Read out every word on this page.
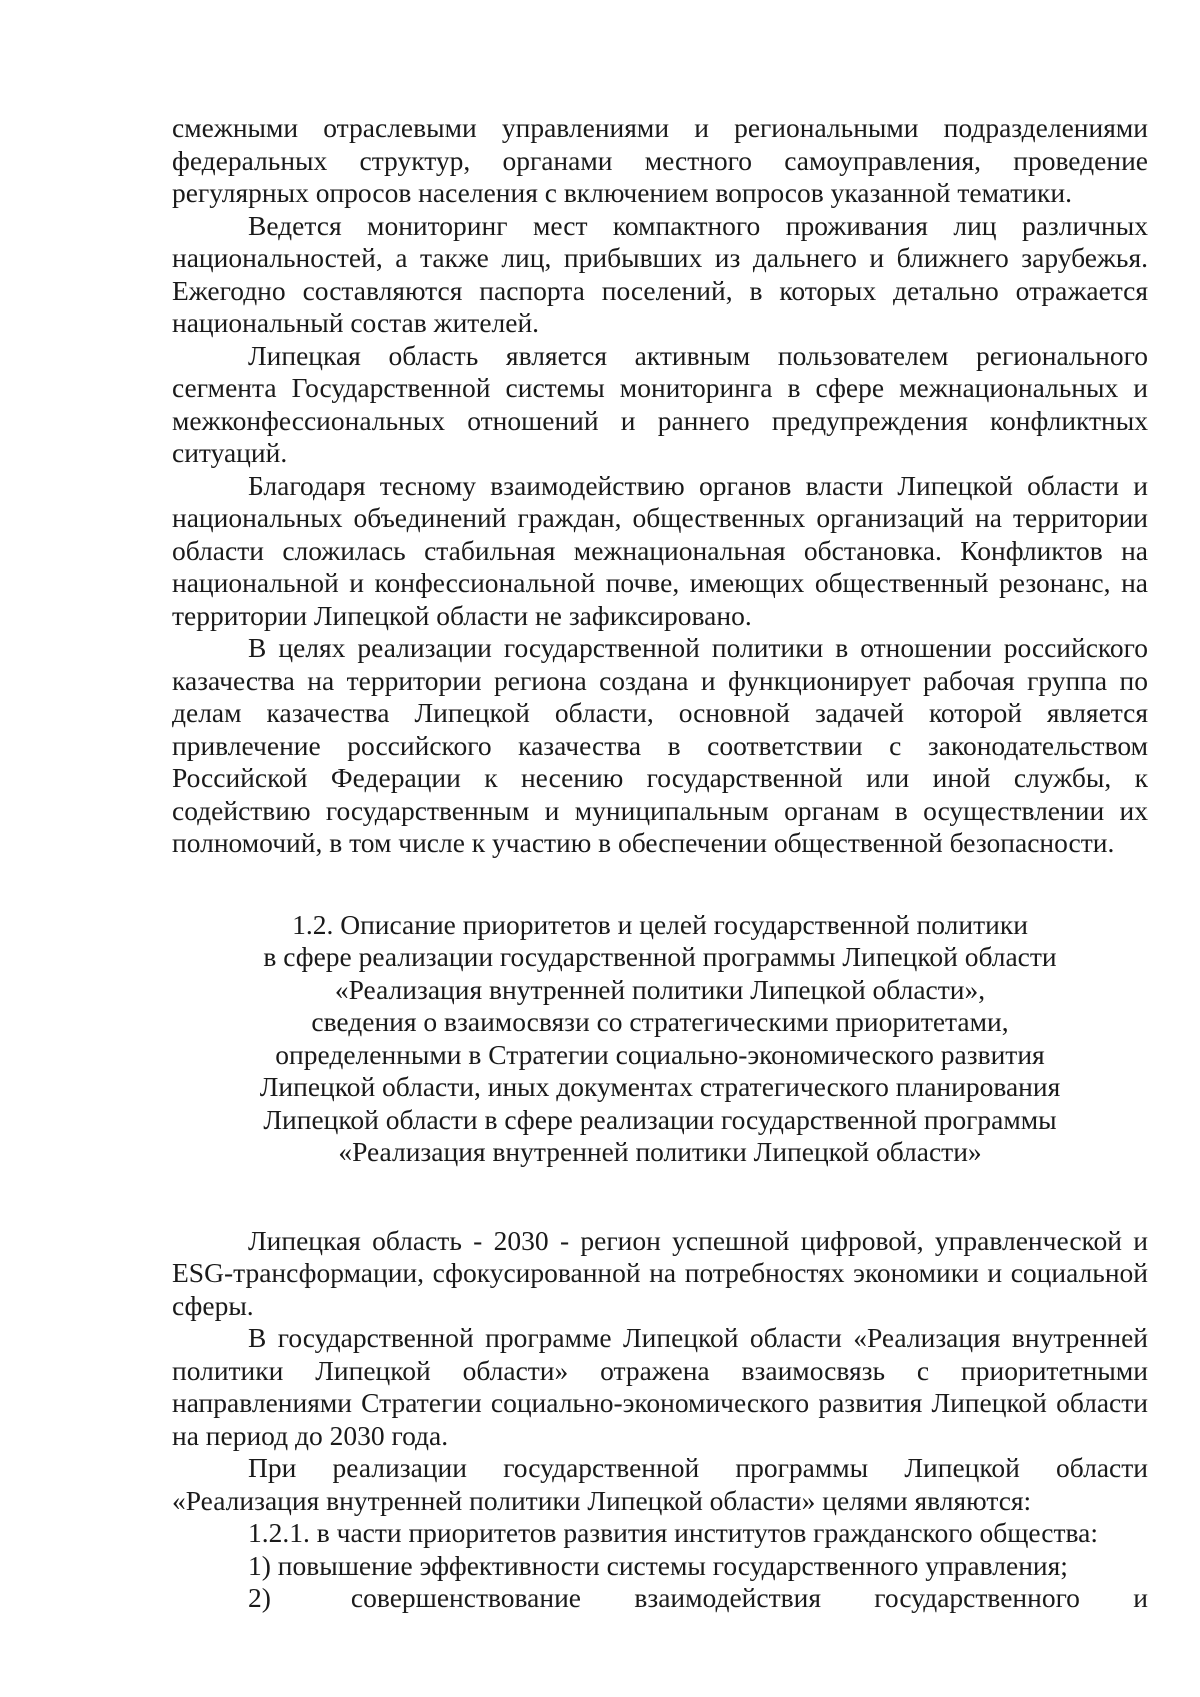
смежными отраслевыми управлениями и региональными подразделениями федеральных структур, органами местного самоуправления, проведение регулярных опросов населения с включением вопросов указанной тематики.

Ведется мониторинг мест компактного проживания лиц различных национальностей, а также лиц, прибывших из дальнего и ближнего зарубежья. Ежегодно составляются паспорта поселений, в которых детально отражается национальный состав жителей.

Липецкая область является активным пользователем регионального сегмента Государственной системы мониторинга в сфере межнациональных и межконфессиональных отношений и раннего предупреждения конфликтных ситуаций.

Благодаря тесному взаимодействию органов власти Липецкой области и национальных объединений граждан, общественных организаций на территории области сложилась стабильная межнациональная обстановка. Конфликтов на национальной и конфессиональной почве, имеющих общественный резонанс, на территории Липецкой области не зафиксировано.

В целях реализации государственной политики в отношении российского казачества на территории региона создана и функционирует рабочая группа по делам казачества Липецкой области, основной задачей которой является привлечение российского казачества в соответствии с законодательством Российской Федерации к несению государственной или иной службы, к содействию государственным и муниципальным органам в осуществлении их полномочий, в том числе к участию в обеспечении общественной безопасности.

1.2. Описание приоритетов и целей государственной политики
в сфере реализации государственной программы Липецкой области
«Реализация внутренней политики Липецкой области»,
сведения о взаимосвязи со стратегическими приоритетами,
определенными в Стратегии социально-экономического развития
Липецкой области, иных документах стратегического планирования
Липецкой области в сфере реализации государственной программы
«Реализация внутренней политики Липецкой области»

Липецкая область - 2030 - регион успешной цифровой, управленческой и ESG-трансформации, сфокусированной на потребностях экономики и социальной сферы.

В государственной программе Липецкой области «Реализация внутренней политики Липецкой области» отражена взаимосвязь с приоритетными направлениями Стратегии социально-экономического развития Липецкой области на период до 2030 года.

При реализации государственной программы Липецкой области «Реализация внутренней политики Липецкой области» целями являются:

1.2.1. в части приоритетов развития институтов гражданского общества:

1) повышение эффективности системы государственного управления;

2)      совершенствование    взаимодействия    государственного    и
